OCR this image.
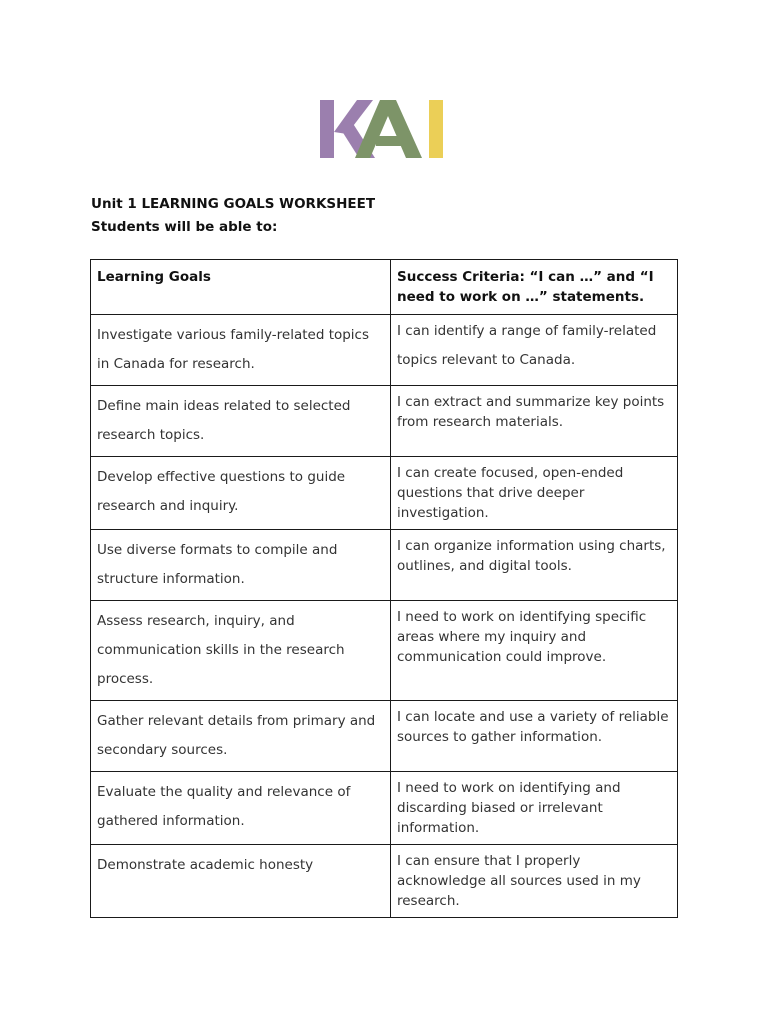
Unit 1 LEARNING GOALS WORKSHEET
Students will be able to:
Learning Goals	Success Criteria: “I can …” and “I need to work on …” statements.
Investigate various family-related topics in Canada for research.	I can identify a range of family-related topics relevant to Canada.
Define main ideas related to selected research topics.	I can extract and summarize key points from research materials.
Develop effective questions to guide research and inquiry.	I can create focused, open-ended questions that drive deeper investigation.
Use diverse formats to compile and structure information.	I can organize information using charts, outlines, and digital tools.
Assess research, inquiry, and communication skills in the research process.	I need to work on identifying specific areas where my inquiry and communication could improve.
Gather relevant details from primary and secondary sources.	I can locate and use a variety of reliable sources to gather information.
Evaluate the quality and relevance of gathered information.	I need to work on identifying and discarding biased or irrelevant information.
Demonstrate academic honesty	I can ensure that I properly acknowledge all sources used in my research.
